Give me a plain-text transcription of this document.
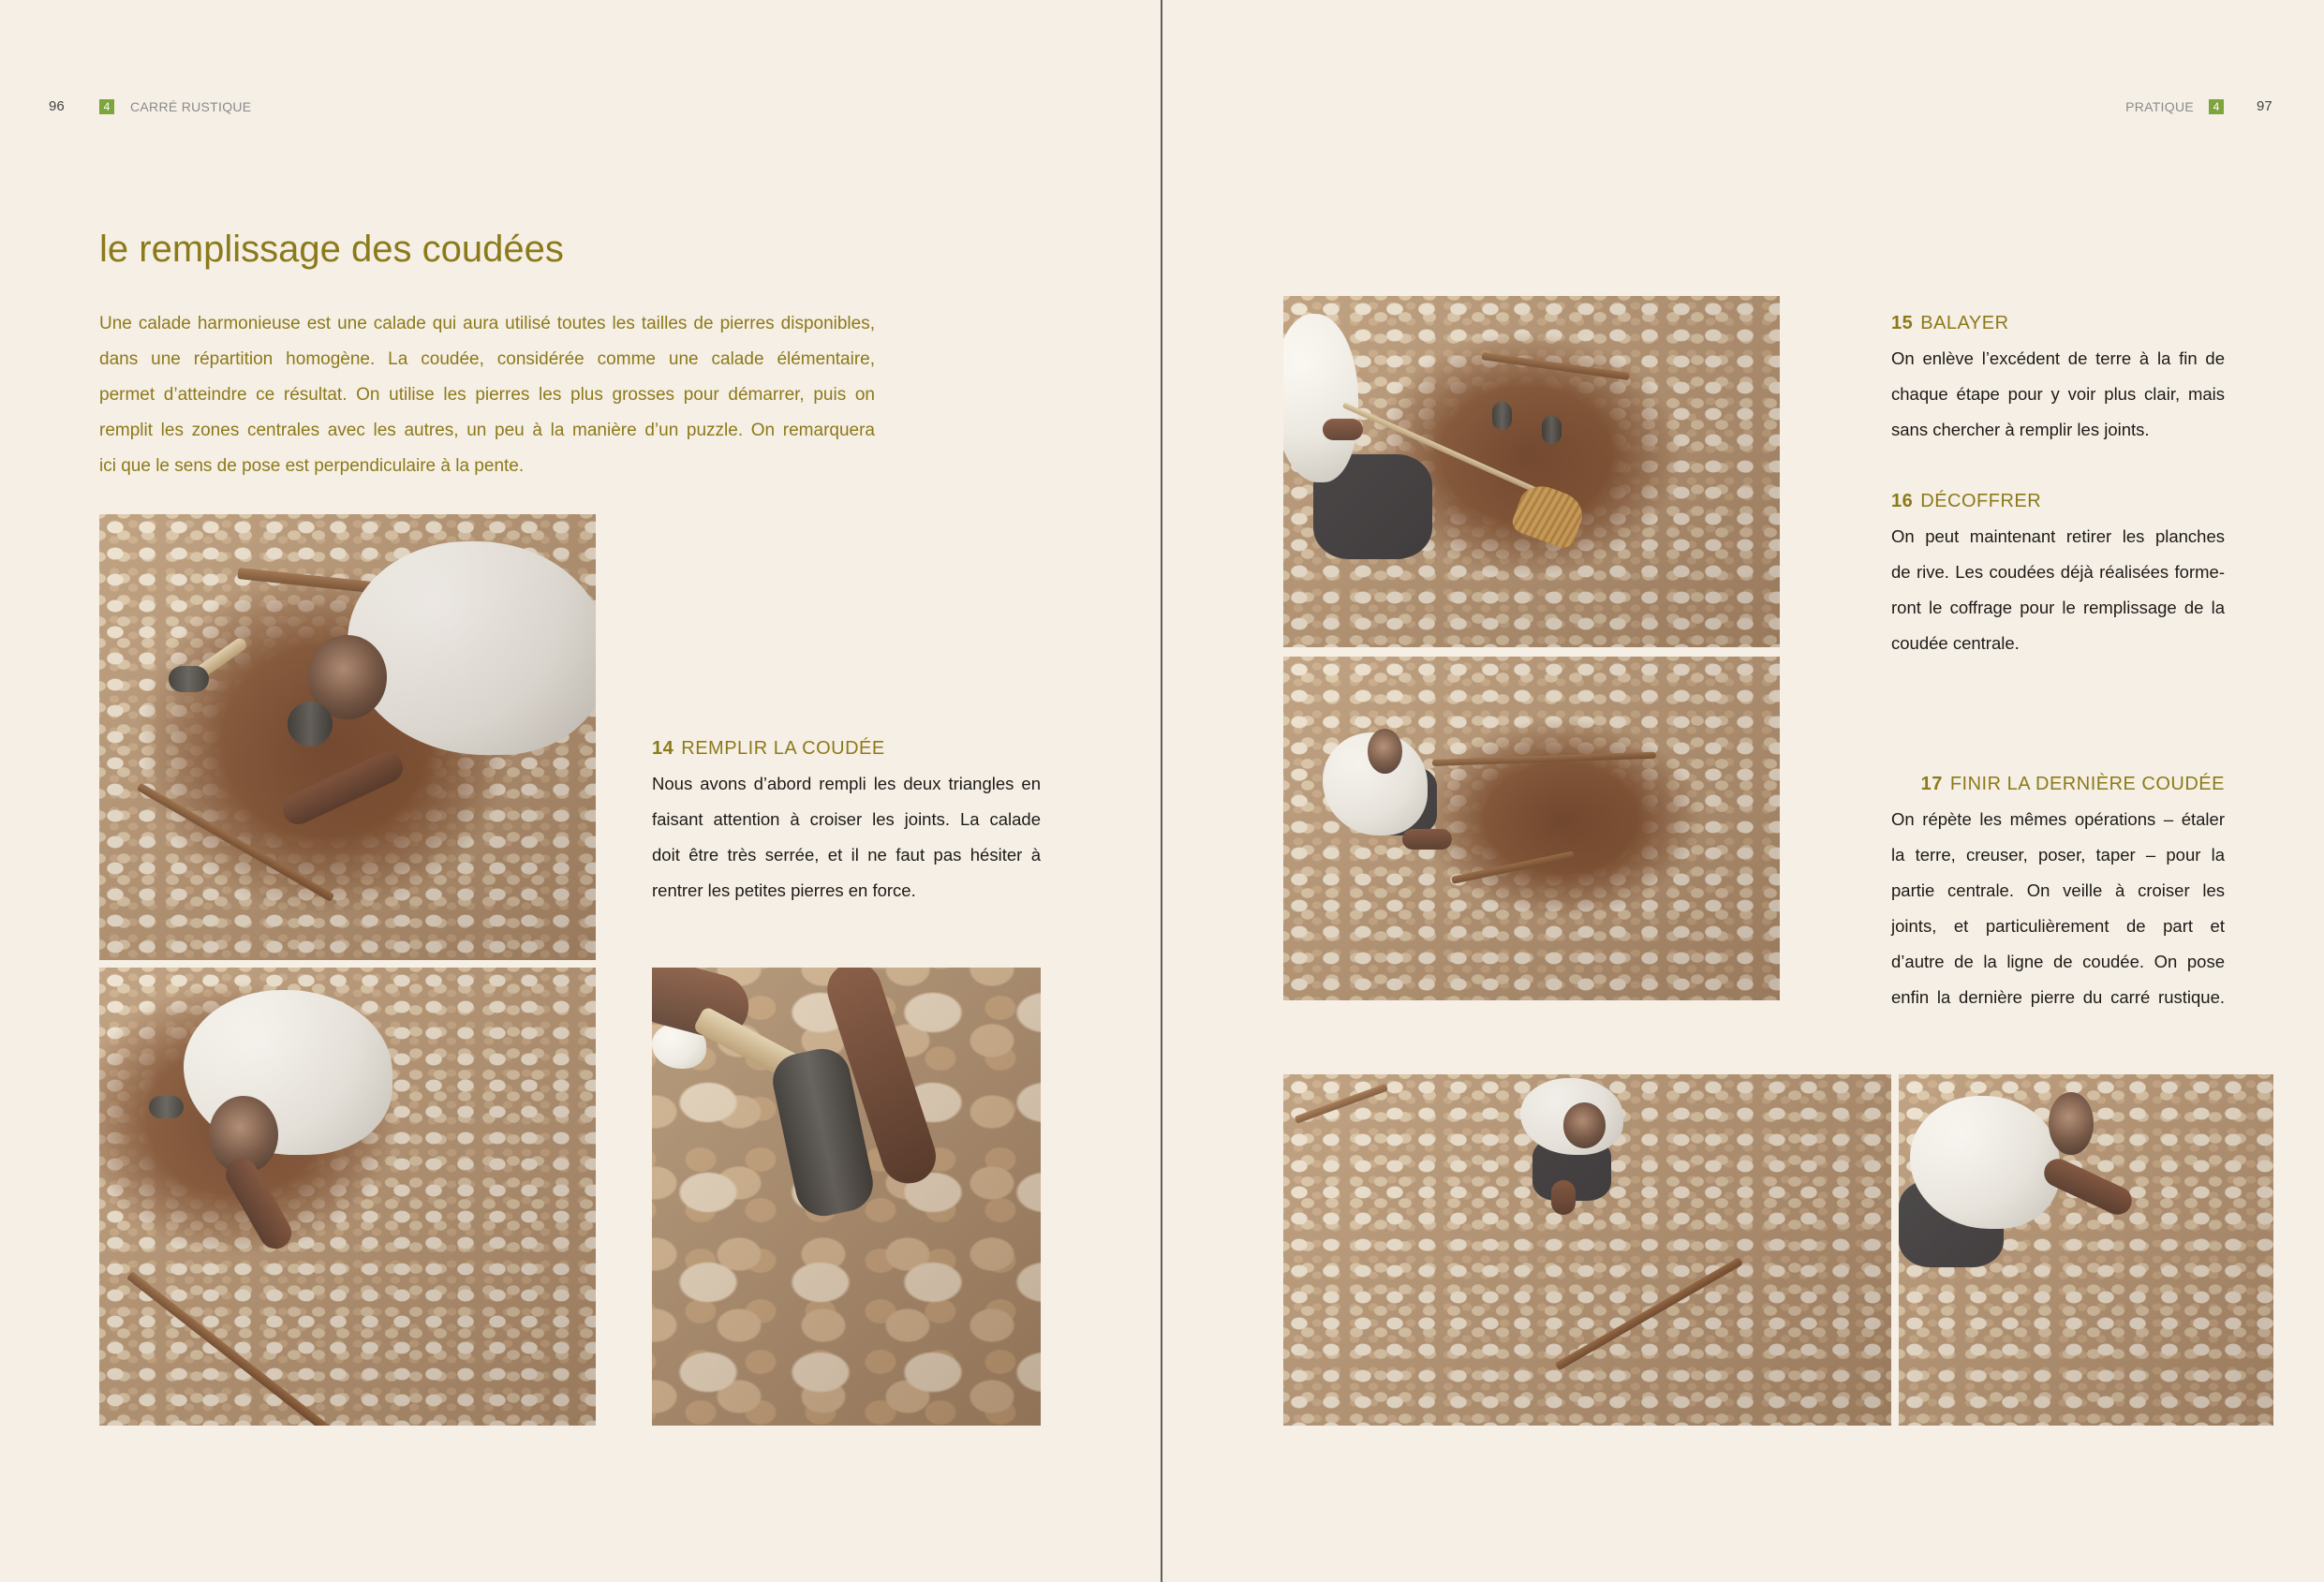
96	4	CARRÉ RUSTIQUE
le remplissage des coudées
Une calade harmonieuse est une calade qui aura utilisé toutes les tailles de pierres disponibles,
dans une répartition homogène. La coudée, considérée comme une calade élémentaire,
permet d’atteindre ce résultat. On utilise les pierres les plus grosses pour démarrer, puis on
remplit les zones centrales avec les autres, un peu à la manière d’un puzzle. On remarquera
ici que le sens de pose est perpendiculaire à la pente.
14 REMPLIR LA COUDÉE
Nous avons d’abord rempli les deux triangles en
faisant attention à croiser les joints. La calade
doit être très serrée, et il ne faut pas hésiter à
rentrer les petites pierres en force.
PRATIQUE	4	97
15 BALAYER
On enlève l’excédent de terre à la fin de
chaque étape pour y voir plus clair, mais
sans chercher à remplir les joints.
16 DÉCOFFRER
On peut maintenant retirer les planches
de rive. Les coudées déjà réalisées forme-
ront le coffrage pour le remplissage de la
coudée centrale.
17 FINIR LA DERNIÈRE COUDÉE
On répète les mêmes opérations – étaler
la terre, creuser, poser, taper – pour la
partie centrale. On veille à croiser les
joints, et particulièrement de part et
d’autre de la ligne de coudée. On pose
enfin la dernière pierre du carré rustique.
